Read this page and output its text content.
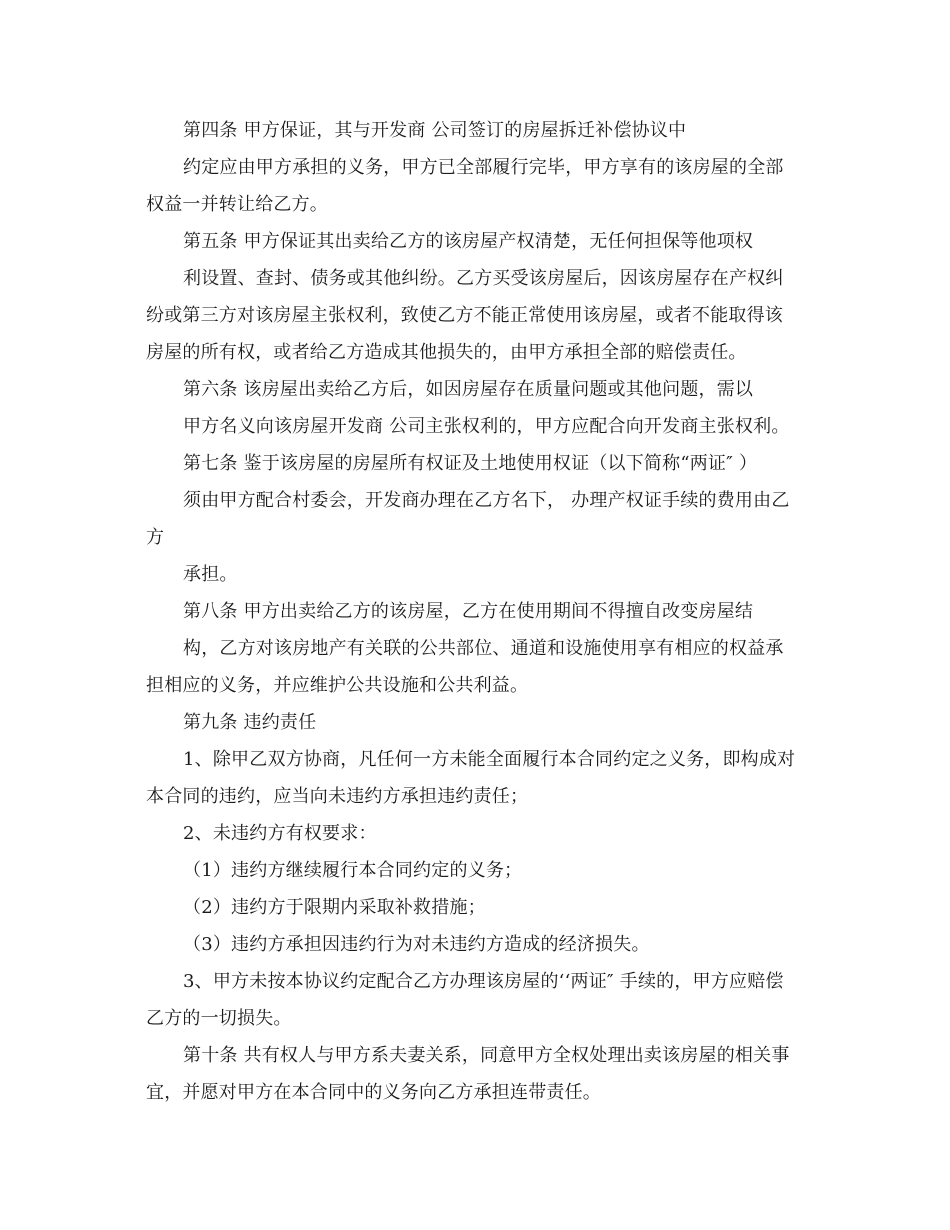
第四条 甲方保证，其与开发商 公司签订的房屋拆迁补偿协议中
约定应由甲方承担的义务，甲方已全部履行完毕，甲方享有的该房屋的全部
权益一并转让给乙方。
第五条 甲方保证其出卖给乙方的该房屋产权清楚，无任何担保等他项权
利设置、查封、债务或其他纠纷。乙方买受该房屋后，因该房屋存在产权纠
纷或第三方对该房屋主张权利，致使乙方不能正常使用该房屋，或者不能取得该
房屋的所有权，或者给乙方造成其他损失的，由甲方承担全部的赔偿责任。
第六条 该房屋出卖给乙方后，如因房屋存在质量问题或其他问题，需以
甲方名义向该房屋开发商 公司主张权利的，甲方应配合向开发商主张权利。
第七条 鉴于该房屋的房屋所有权证及土地使用权证（以下简称“两证″ ）
须由甲方配合村委会，开发商办理在乙方名下， 办理产权证手续的费用由乙
方
承担。
第八条 甲方出卖给乙方的该房屋，乙方在使用期间不得擅自改变房屋结
构，乙方对该房地产有关联的公共部位、通道和设施使用享有相应的权益承
担相应的义务，并应维护公共设施和公共利益。
第九条 违约责任
1、除甲乙双方协商，凡任何一方未能全面履行本合同约定之义务，即构成对
本合同的违约，应当向未违约方承担违约责任；
2、未违约方有权要求：
（1）违约方继续履行本合同约定的义务；
（2）违约方于限期内采取补救措施；
（3）违约方承担因违约行为对未违约方造成的经济损失。
3、甲方未按本协议约定配合乙方办理该房屋的‘‘两证″ 手续的，甲方应赔偿
乙方的一切损失。
第十条 共有权人与甲方系夫妻关系，同意甲方全权处理出卖该房屋的相关事
宜，并愿对甲方在本合同中的义务向乙方承担连带责任。
